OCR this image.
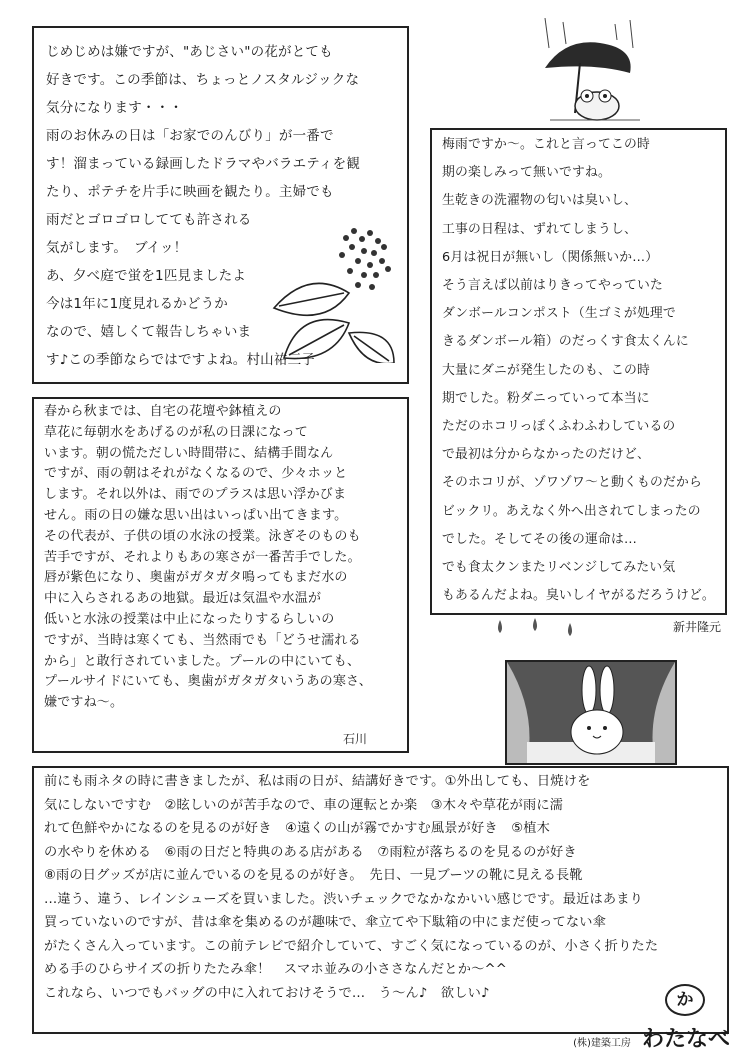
じめじめは嫌ですが、"あじさい"の花がとても
好きです。この季節は、ちょっとノスタルジックな
気分になります・・・
雨のお休みの日は「お家でのんびり」が一番で
す！溜まっている録画したドラマやバラエティを観
たり、ポテチを片手に映画を観たり。主婦でも
雨だとゴロゴロしてても許される
気がします。　ブイッ！
あ、夕べ庭で蛍を1匹見ましたよ
今は1年に1度見れるかどうか
なので、嬉しくて報告しちゃいま
す♪この季節ならではですよね。村山祐三子
梅雨ですか〜。これと言ってこの時
期の楽しみって無いですね。
生乾きの洗濯物の匂いは臭いし、
工事の日程は、ずれてしまうし、
6月は祝日が無いし（関係無いか…）
そう言えば以前はりきってやっていた
ダンボールコンポスト（生ゴミが処理で
きるダンボール箱）のだっくす食太くんに
大量にダニが発生したのも、この時
期でした。粉ダニっていって本当に
ただのホコリっぽくふわふわしているの
で最初は分からなかったのだけど、
そのホコリが、ゾワゾワ〜と動くものだから
ビックリ。あえなく外へ出されてしまったの
でした。そしてその後の運命は…
でも食太クンまたリベンジしてみたい気
もあるんだよね。臭いしイヤがるだろうけど。
新井隆元
春から秋までは、自宅の花壇や鉢植えの
草花に毎朝水をあげるのが私の日課になって
います。朝の慌ただしい時間帯に、結構手間なん
ですが、雨の朝はそれがなくなるので、少々ホッと
します。それ以外は、雨でのプラスは思い浮かびま
せん。雨の日の嫌な思い出はいっぱい出てきます。
その代表が、子供の頃の水泳の授業。泳ぎそのものも
苦手ですが、それよりもあの寒さが一番苦手でした。
唇が紫色になり、奥歯がガタガタ鳴ってもまだ水の
中に入らされるあの地獄。最近は気温や水温が
低いと水泳の授業は中止になったりするらしいの
ですが、当時は寒くても、当然雨でも「どうせ濡れる
から」と敢行されていました。プールの中にいても、
プールサイドにいても、奥歯がガタガタいうあの寒さ、
嫌ですね〜。
石川
前にも雨ネタの時に書きましたが、私は雨の日が、結講好きです。①外出しても、日焼けを
気にしないですむ　②眩しいのが苦手なので、車の運転とか楽　③木々や草花が雨に濡
れて色鮮やかになるのを見るのが好き　④遠くの山が霧でかすむ風景が好き　⑤植木
の水やりを休める　⑥雨の日だと特典のある店がある　⑦雨粒が落ちるのを見るのが好き
⑧雨の日グッズが店に並んでいるのを見るのが好き。　先日、一見ブーツの靴に見える長靴
…違う、違う、レインシューズを買いました。渋いチェックでなかなかいい感じです。最近はあまり
買っていないのですが、昔は傘を集めるのが趣味で、傘立てや下駄箱の中にまだ使ってない傘
がたくさん入っています。この前テレビで紹介していて、すごく気になっているのが、小さく折りたた
める手のひらサイズの折りたたみ傘！　スマホ並みの小ささなんだとか〜^^
これなら、いつでもバッグの中に入れておけそうで…　う〜ん♪　欲しい♪	か
(株)建築工房 わたなべ
